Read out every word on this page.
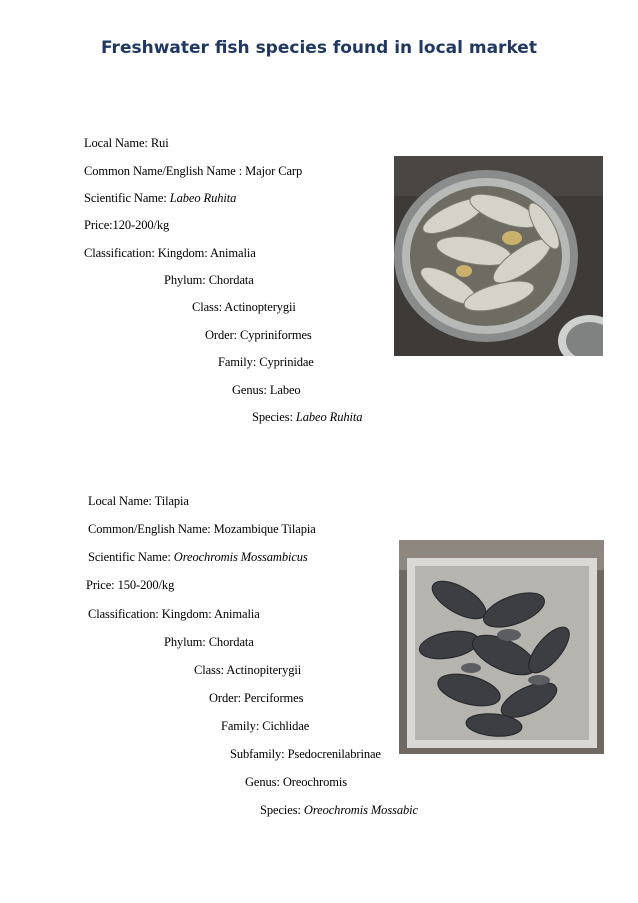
Freshwater fish species found in local market
Local Name: Rui
Common Name/English Name : Major Carp
Scientific Name: Labeo Ruhita
Price:120-200/kg
Classification: Kingdom: Animalia
Phylum: Chordata
Class: Actinopterygii
Order: Cypriniformes
Family: Cyprinidae
Genus: Labeo
Species: Labeo Ruhita
Local Name: Tilapia
Common/English Name: Mozambique Tilapia
Scientific Name: Oreochromis Mossambicus
Price: 150-200/kg
Classification: Kingdom: Animalia
Phylum: Chordata
Class: Actinopiterygii
Order: Perciformes
Family: Cichlidae
Subfamily: Psedocrenilabrinae
Genus: Oreochromis
Species: Oreochromis Mossabic
